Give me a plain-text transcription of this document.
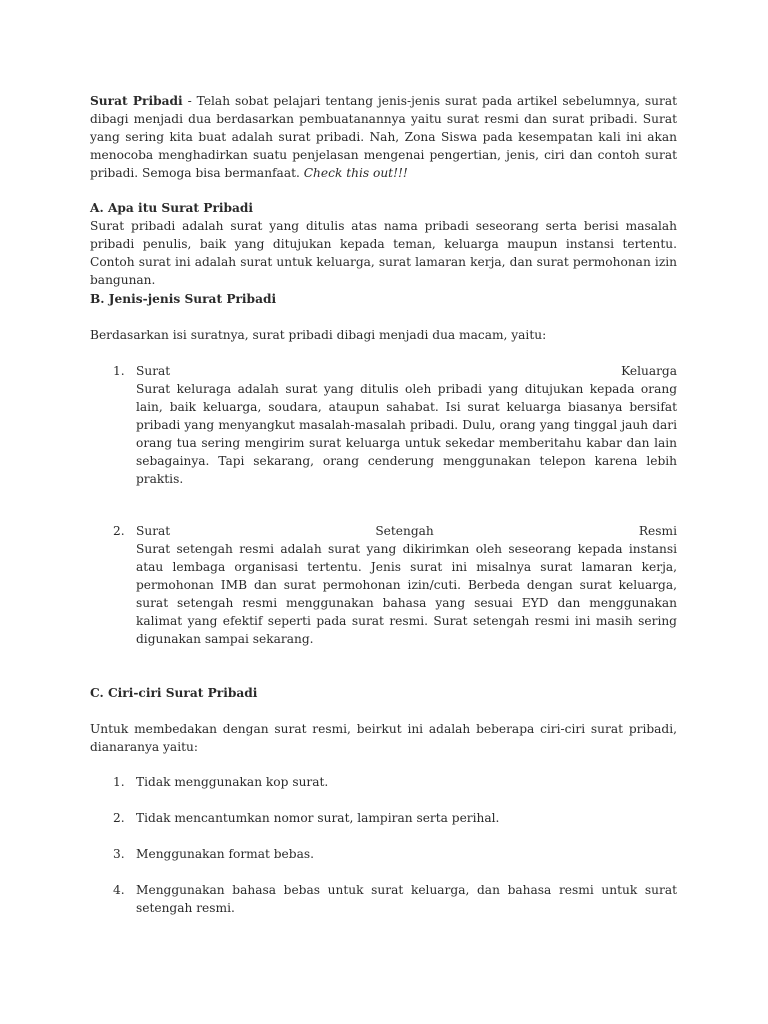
Surat Pribadi - Telah sobat pelajari tentang jenis-jenis surat pada artikel sebelumnya, surat dibagi menjadi dua berdasarkan pembuatanannya yaitu surat resmi dan surat pribadi. Surat yang sering kita buat adalah surat pribadi. Nah, Zona Siswa pada kesempatan kali ini akan menocoba menghadirkan suatu penjelasan mengenai pengertian, jenis, ciri dan contoh surat pribadi. Semoga bisa bermanfaat. Check this out!!!

A. Apa itu Surat Pribadi

Surat pribadi adalah surat yang ditulis atas nama pribadi seseorang serta berisi masalah pribadi penulis, baik yang ditujukan kepada teman, keluarga maupun instansi tertentu. Contoh surat ini adalah surat untuk keluarga, surat lamaran kerja, dan surat permohonan izin bangunan.

B. Jenis-jenis Surat Pribadi

Berdasarkan isi suratnya, surat pribadi dibagi menjadi dua macam, yaitu:

1. Surat	Keluarga

Surat keluraga adalah surat yang ditulis oleh pribadi yang ditujukan kepada orang lain, baik keluarga, soudara, ataupun sahabat. Isi surat keluarga biasanya bersifat pribadi yang menyangkut masalah-masalah pribadi. Dulu, orang yang tinggal jauh dari orang tua sering mengirim surat keluarga untuk sekedar memberitahu kabar dan lain sebagainya. Tapi sekarang, orang cenderung menggunakan telepon karena lebih praktis.

2. Surat	Setengah	Resmi

Surat setengah resmi adalah surat yang dikirimkan oleh seseorang kepada instansi atau lembaga organisasi tertentu. Jenis surat ini misalnya surat lamaran kerja, permohonan IMB dan surat permohonan izin/cuti. Berbeda dengan surat keluarga, surat setengah resmi menggunakan bahasa yang sesuai EYD dan menggunakan kalimat yang efektif seperti pada surat resmi. Surat setengah resmi ini masih sering digunakan sampai sekarang.

C. Ciri-ciri Surat Pribadi

Untuk membedakan dengan surat resmi, beirkut ini adalah beberapa ciri-ciri surat pribadi, dianaranya yaitu:

1. Tidak menggunakan kop surat.

2. Tidak mencantumkan nomor surat, lampiran serta perihal.

3. Menggunakan format bebas.

4. Menggunakan bahasa bebas untuk surat keluarga, dan bahasa resmi untuk surat setengah resmi.
